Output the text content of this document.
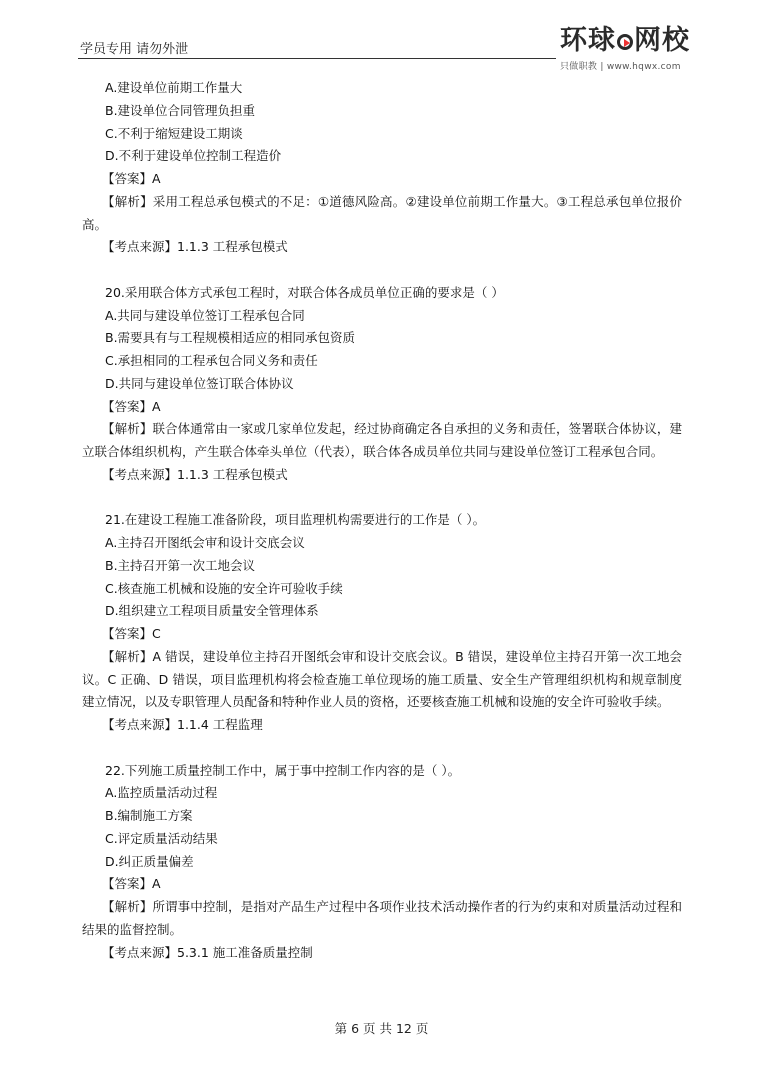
学员专用 请勿外泄	环球 网校
只做职教 | www.hqwx.com
A.建设单位前期工作量大
B.建设单位合同管理负担重
C.不利于缩短建设工期谈
D.不利于建设单位控制工程造价
【答案】A
【解析】采用工程总承包模式的不足：①道德风险高。②建设单位前期工作量大。③工程总承包单位报价高。
【考点来源】1.1.3 工程承包模式
20.采用联合体方式承包工程时，对联合体各成员单位正确的要求是（ ）
A.共同与建设单位签订工程承包合同
B.需要具有与工程规模相适应的相同承包资质
C.承担相同的工程承包合同义务和责任
D.共同与建设单位签订联合体协议
【答案】A
【解析】联合体通常由一家或几家单位发起，经过协商确定各自承担的义务和责任，签署联合体协议，建立联合体组织机构，产生联合体牵头单位（代表），联合体各成员单位共同与建设单位签订工程承包合同。
【考点来源】1.1.3 工程承包模式
21.在建设工程施工准备阶段，项目监理机构需要进行的工作是（ ）。
A.主持召开图纸会审和设计交底会议
B.主持召开第一次工地会议
C.核查施工机械和设施的安全许可验收手续
D.组织建立工程项目质量安全管理体系
【答案】C
【解析】A 错误，建设单位主持召开图纸会审和设计交底会议。B 错误，建设单位主持召开第一次工地会议。C 正确、D 错误，项目监理机构将会检查施工单位现场的施工质量、安全生产管理组织机构和规章制度建立情况，以及专职管理人员配备和特种作业人员的资格，还要核查施工机械和设施的安全许可验收手续。
【考点来源】1.1.4 工程监理
22.下列施工质量控制工作中，属于事中控制工作内容的是（ ）。
A.监控质量活动过程
B.编制施工方案
C.评定质量活动结果
D.纠正质量偏差
【答案】A
【解析】所谓事中控制，是指对产品生产过程中各项作业技术活动操作者的行为约束和对质量活动过程和结果的监督控制。
【考点来源】5.3.1 施工准备质量控制
第 6 页 共 12 页
